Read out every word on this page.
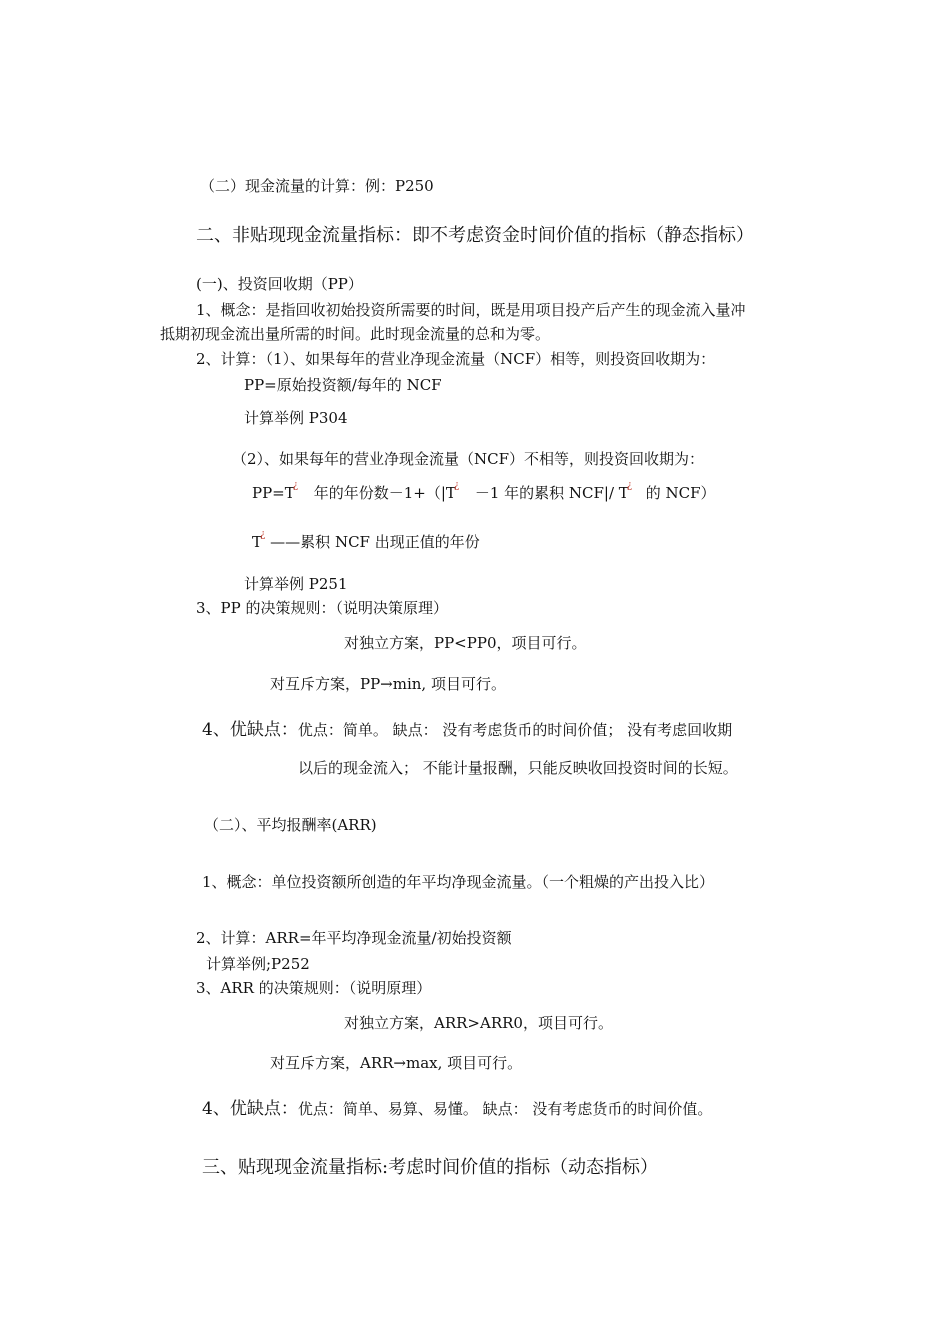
（二）现金流量的计算：例：P250
二、非贴现现金流量指标：即不考虑资金时间价值的指标（静态指标）
(一)、投资回收期（PP）
1、概念：是指回收初始投资所需要的时间，既是用项目投产后产生的现金流入量冲
抵期初现金流出量所需的时间。此时现金流量的总和为零。
2、计算：（1）、如果每年的营业净现金流量（NCF）相等，则投资回收期为：
PP=原始投资额/每年的 NCF
计算举例 P304
（2）、如果每年的营业净现金流量（NCF）不相等，则投资回收期为：
PP=T¿ 年的年份数－1+（|T¿ －1 年的累积 NCF|/ T¿ 的 NCF）
T¿ ——累积 NCF 出现正值的年份
计算举例 P251
3、PP 的决策规则：（说明决策原理）
对独立方案，PP<PP0，项目可行。
对互斥方案，PP→min, 项目可行。
4、优缺点：优点：简单。 缺点： 没有考虑货币的时间价值； 没有考虑回收期
以后的现金流入； 不能计量报酬，只能反映收回投资时间的长短。
（二）、平均报酬率(ARR)
1、概念：单位投资额所创造的年平均净现金流量。（一个粗燥的产出投入比）
2、计算：ARR=年平均净现金流量/初始投资额
计算举例;P252
3、ARR 的决策规则：（说明原理）
对独立方案，ARR>ARR0，项目可行。
对互斥方案，ARR→max, 项目可行。
4、优缺点：优点：简单、易算、易懂。 缺点： 没有考虑货币的时间价值。
三、贴现现金流量指标:考虑时间价值的指标（动态指标）
